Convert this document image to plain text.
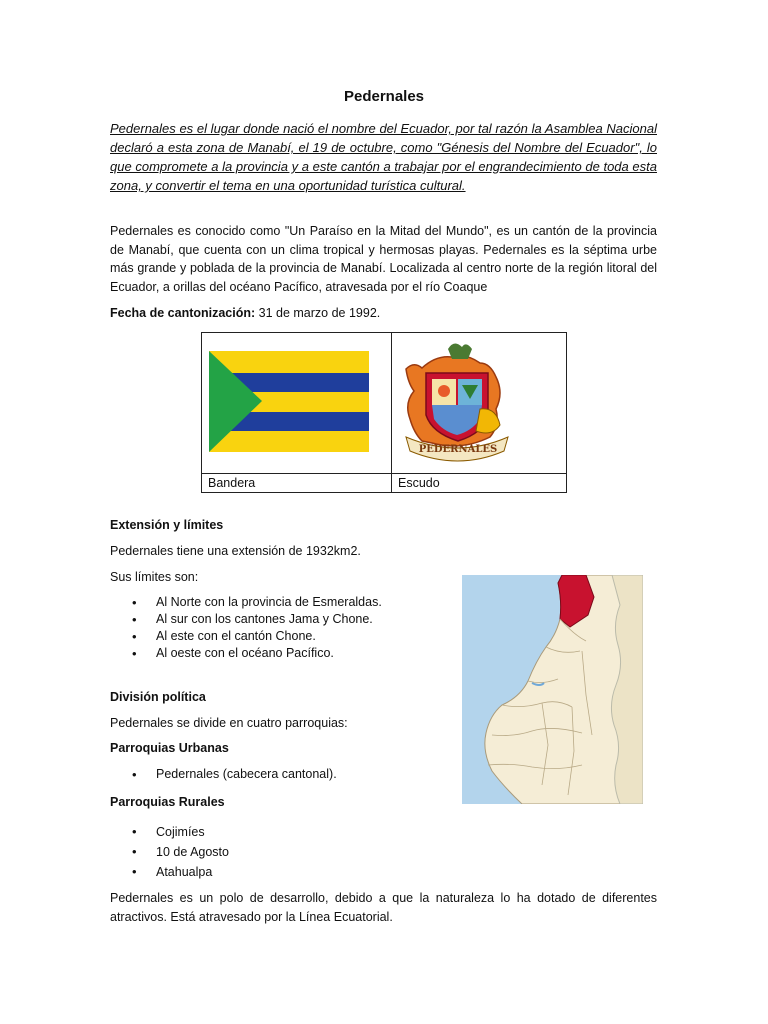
Pedernales
Pedernales es el lugar donde nació el nombre del Ecuador, por tal razón la Asamblea Nacional declaró a esta zona de Manabí, el 19 de octubre, como "Génesis del Nombre del Ecuador", lo que compromete a la provincia y a este cantón a trabajar por el engrandecimiento de toda esta zona, y convertir el tema en una oportunidad turística cultural.
Pedernales es conocido como "Un Paraíso en la Mitad del Mundo", es un cantón de la provincia de Manabí, que cuenta con un clima tropical y hermosas playas. Pedernales es la séptima urbe más grande y poblada de la provincia de Manabí. Localizada al centro norte de la región litoral del Ecuador, a orillas del océano Pacífico, atravesada por el río Coaque
Fecha de cantonización: 31 de marzo de 1992.

PEDERNALES

Bandera	Escudo
Extensión y límites
Pedernales tiene una extensión de 1932km2.
Sus límites son:
• Al Norte con la provincia de Esmeraldas.
• Al sur con los cantones Jama y Chone.
• Al este con el cantón Chone.
• Al oeste con el océano Pacífico.
División política
Pedernales se divide en cuatro parroquias:
Parroquias Urbanas
• Pedernales (cabecera cantonal).
Parroquias Rurales
• Cojimíes
• 10 de Agosto
• Atahualpa
Pedernales es un polo de desarrollo, debido a que la naturaleza lo ha dotado de diferentes atractivos. Está atravesado por la Línea Ecuatorial.
